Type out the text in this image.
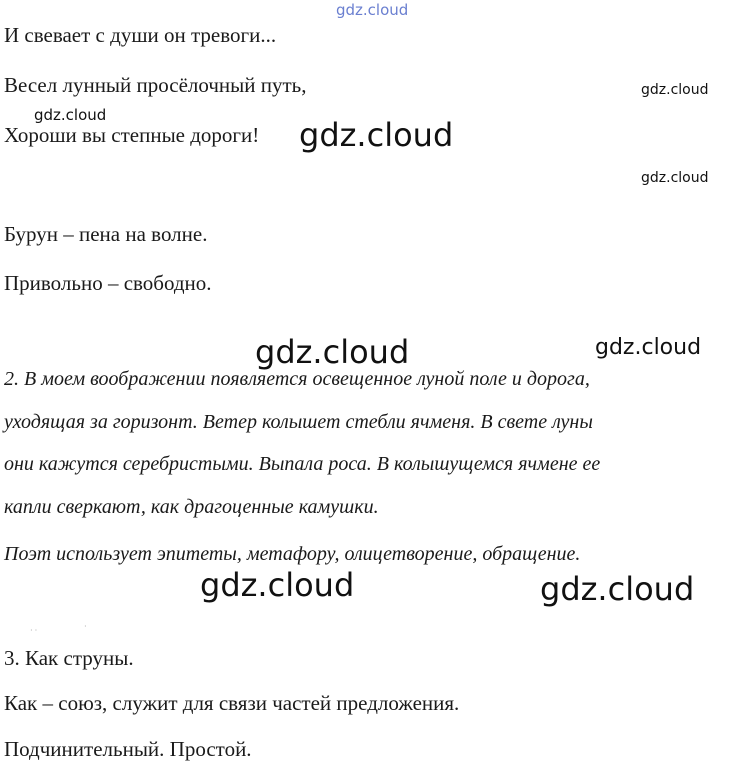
gdz.cloud
И свевает с души он тревоги...
Весел лунный просёлочный путь,	gdz.cloud
gdz.cloud
Хороши вы степные дороги! gdz.cloud
gdz.cloud
Бурун – пена на волне.
Привольно – свободно.
gdz.cloud	gdz.cloud
2. В моем воображении появляется освещенное луной поле и дорога,
уходящая за горизонт. Ветер колышет стебли ячменя. В свете луны
они кажутся серебристыми. Выпала роса. В колышущемся ячмене ее
капли сверкают, как драгоценные камушки.
Поэт использует эпитеты, метафору, олицетворение, обращение.
gdz.cloud	gdz.cloud
· ·	·
3. Как струны.
Как – союз, служит для связи частей предложения.
Подчинительный. Простой.
